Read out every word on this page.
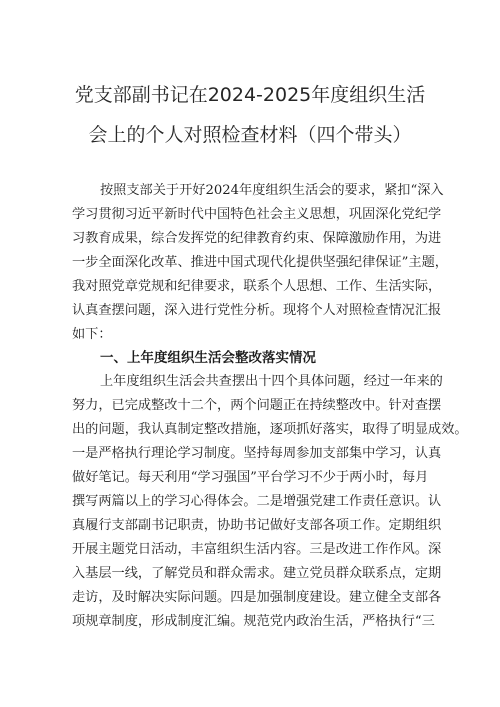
党支部副书记在2024-2025年度组织生活
会上的个人对照检查材料（四个带头）
按照支部关于开好2024年度组织生活会的要求，紧扣“深入
学习贯彻习近平新时代中国特色社会主义思想，巩固深化党纪学
习教育成果，综合发挥党的纪律教育约束、保障激励作用，为进
一步全面深化改革、推进中国式现代化提供坚强纪律保证”主题，
我对照党章党规和纪律要求，联系个人思想、工作、生活实际，
认真查摆问题，深入进行党性分析。现将个人对照检查情况汇报
如下：
一、上年度组织生活会整改落实情况
上年度组织生活会共查摆出十四个具体问题，经过一年来的
努力，已完成整改十二个，两个问题正在持续整改中。针对查摆
出的问题，我认真制定整改措施，逐项抓好落实，取得了明显成效。
一是严格执行理论学习制度。坚持每周参加支部集中学习，认真
做好笔记。每天利用“学习强国”平台学习不少于两小时，每月
撰写两篇以上的学习心得体会。二是增强党建工作责任意识。认
真履行支部副书记职责，协助书记做好支部各项工作。定期组织
开展主题党日活动，丰富组织生活内容。三是改进工作作风。深
入基层一线，了解党员和群众需求。建立党员群众联系点，定期
走访，及时解决实际问题。四是加强制度建设。建立健全支部各
项规章制度，形成制度汇编。规范党内政治生活，严格执行“三
